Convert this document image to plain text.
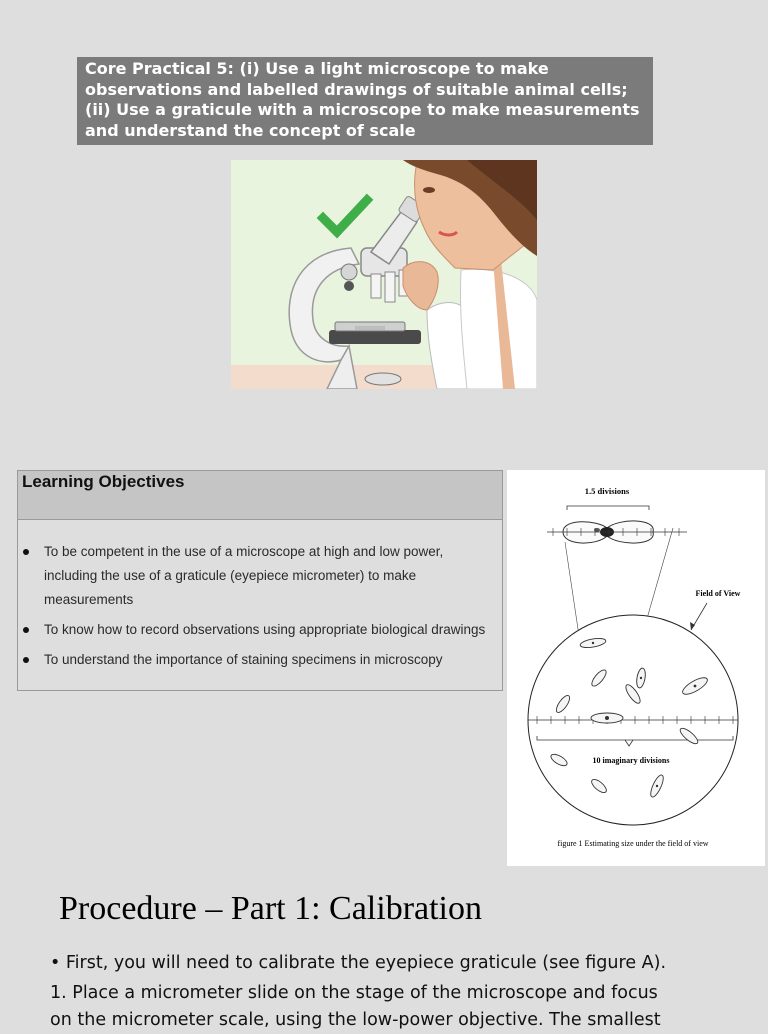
Core Practical 5: (i) Use a light microscope to make observations and labelled drawings of suitable animal cells; (ii) Use a graticule with a microscope to make measurements and understand the concept of scale
Learning Objectives
To be competent in the use of a microscope at high and low power, including the use of a graticule (eyepiece micrometer) to make measurements
To know how to record observations using appropriate biological drawings
To understand the importance of staining specimens in microscopy
1.5 divisions
Field of View
10 imaginary divisions
figure 1 Estimating size under the field of view
Procedure – Part 1: Calibration

• First, you will need to calibrate the eyepiece graticule (see figure A).

1. Place a micrometer slide on the stage of the microscope and focus

on the micrometer scale, using the low-power objective. The smallest
